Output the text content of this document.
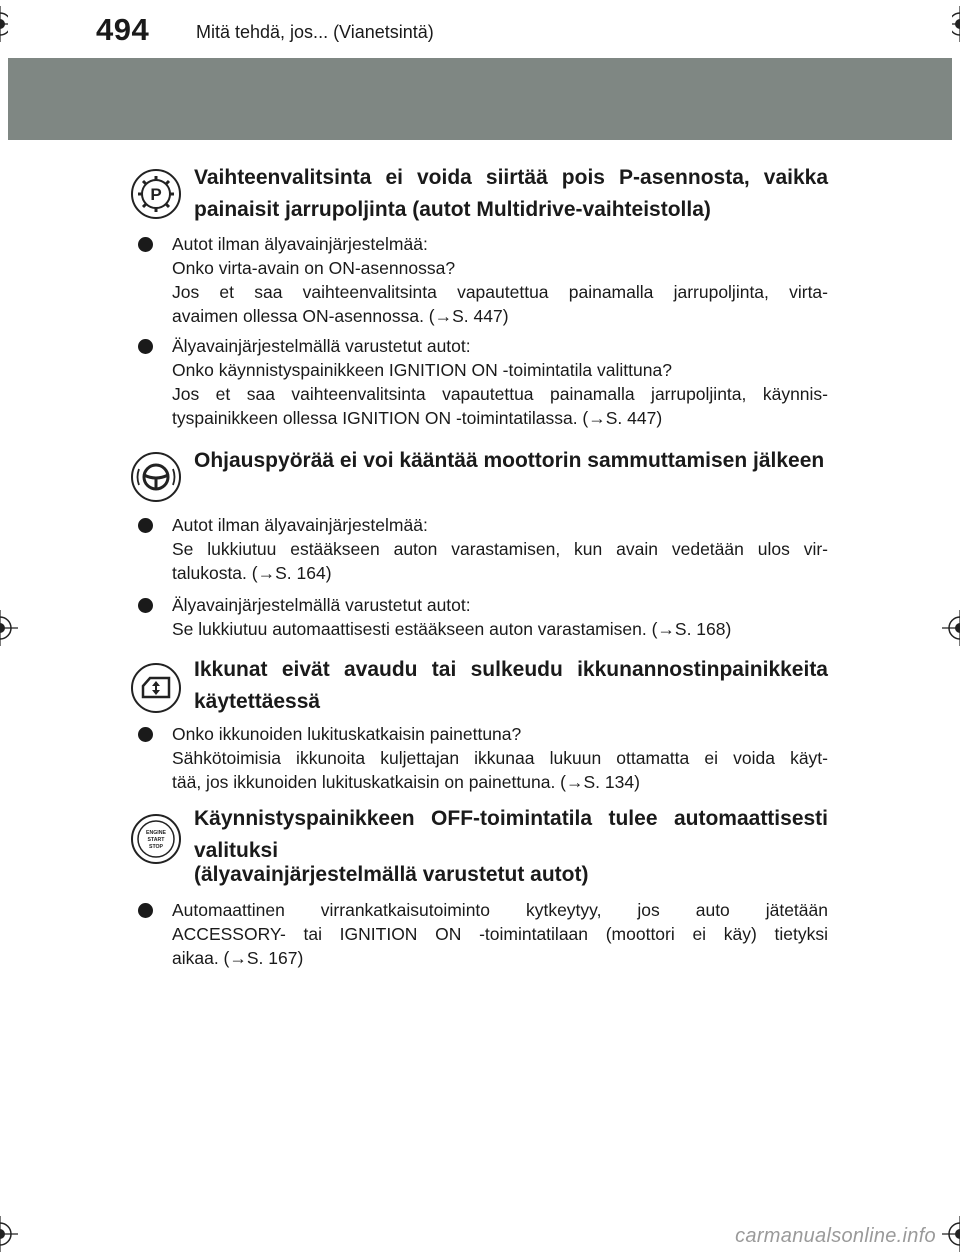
494	Mitä tehdä, jos... (Vianetsintä)
P
Vaihteenvalitsinta ei voida siirtää pois P-asennosta, vaikka painaisit jarrupoljinta (autot Multidrive-vaihteistolla)
Autot ilman älyavainjärjestelmää:
Onko virta-avain on ON-asennossa?
Jos et saa vaihteenvalitsinta vapautettua painamalla jarrupoljinta, virta-
avaimen ollessa ON-asennossa. (→S. 447)
Älyavainjärjestelmällä varustetut autot:
Onko käynnistyspainikkeen IGNITION ON -toimintatila valittuna?
Jos et saa vaihteenvalitsinta vapautettua painamalla jarrupoljinta, käynnis-
tyspainikkeen ollessa IGNITION ON -toimintatilassa. (→S. 447)
Ohjauspyörää ei voi kääntää moottorin sammuttamisen jälkeen
Autot ilman älyavainjärjestelmää:
Se lukkiutuu estääkseen auton varastamisen, kun avain vedetään ulos vir-
talukosta. (→S. 164)
Älyavainjärjestelmällä varustetut autot:
Se lukkiutuu automaattisesti estääkseen auton varastamisen. (→S. 168)
Ikkunat eivät avaudu tai sulkeudu ikkunannostinpainikkeita käytettäessä
Onko ikkunoiden lukituskatkaisin painettuna?
Sähkötoimisia ikkunoita kuljettajan ikkunaa lukuun ottamatta ei voida käyt-
tää, jos ikkunoiden lukituskatkaisin on painettuna. (→S. 134)
ENGINE
START
STOP
Käynnistyspainikkeen OFF-toimintatila tulee automaattisesti valituksi
(älyavainjärjestelmällä varustetut autot)
Automaattinen virrankatkaisutoiminto kytkeytyy, jos auto jätetään
ACCESSORY- tai IGNITION ON -toimintatilaan (moottori ei käy) tietyksi
aikaa. (→S. 167)
carmanualsonline.info
